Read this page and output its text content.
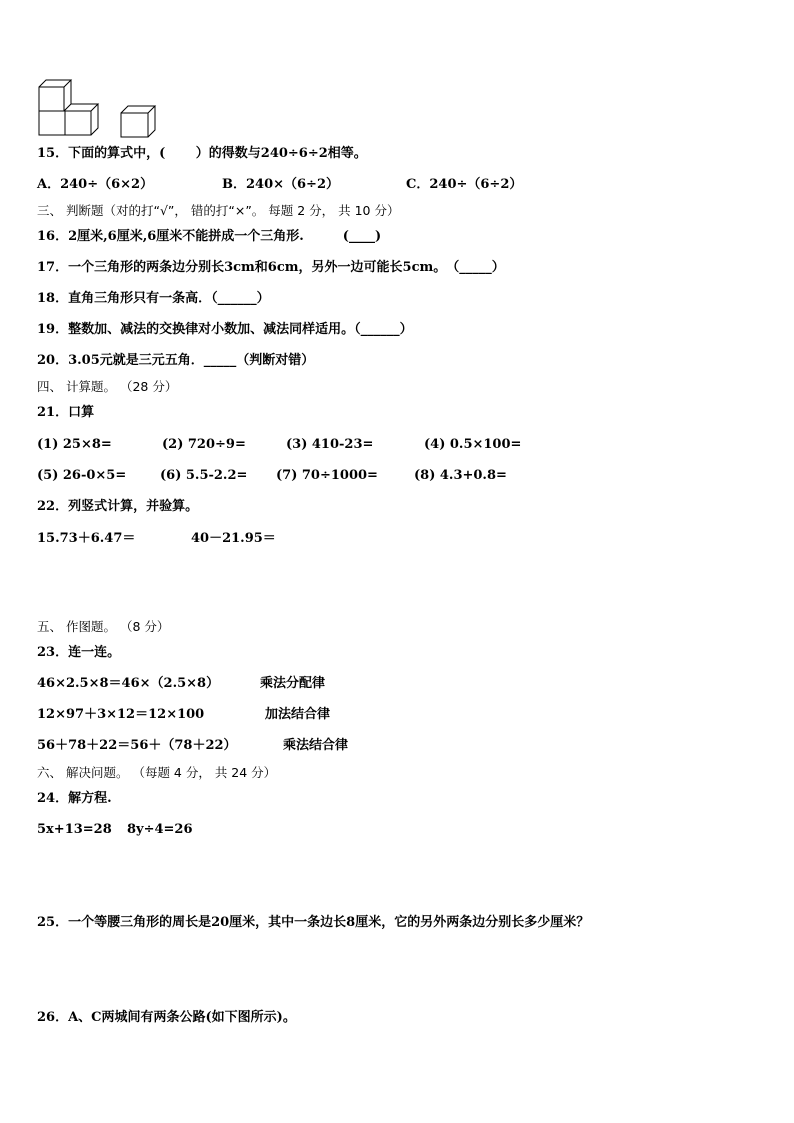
15．下面的算式中，(　　 ）的得数与240÷6÷2相等。
A．240÷（6×2）	B．240×（6÷2）	C．240÷（6÷2）
三、 判断题（对的打“√”， 错的打“×”。 每题 2 分， 共 10 分）
16．2厘米,6厘米,6厘米不能拼成一个三角形.　　　(____)
17．一个三角形的两条边分别长3cm和6cm，另外一边可能长5cm。　（_____）
18．直角三角形只有一条高．（______）
19．整数加、减法的交换律对小数加、减法同样适用。（______）
20．3.05元就是三元五角．_____（判断对错）
四、 计算题。 （28 分）
21．口算
(1) 25×8=	(2) 720÷9=	(3) 410-23=	(4) 0.5×100=
(5) 26-0×5=	(6) 5.5-2.2= (7) 70÷1000=	(8) 4.3+0.8=
22．列竖式计算，并验算。
15.73＋6.47＝	40－21.95＝
五、 作图题。 （8 分）
23．连一连。
46×2.5×8＝46×（2.5×8）	乘法分配律
12×97＋3×12＝12×100	加法结合律
56＋78＋22＝56＋（78＋22）	乘法结合律
六、 解决问题。 （每题 4 分， 共 24 分）
24．解方程.
5x+13=28 8y÷4=26
25．一个等腰三角形的周长是20厘米，其中一条边长8厘米，它的另外两条边分别长多少厘米？
26．A、C两城间有两条公路(如下图所示)。
